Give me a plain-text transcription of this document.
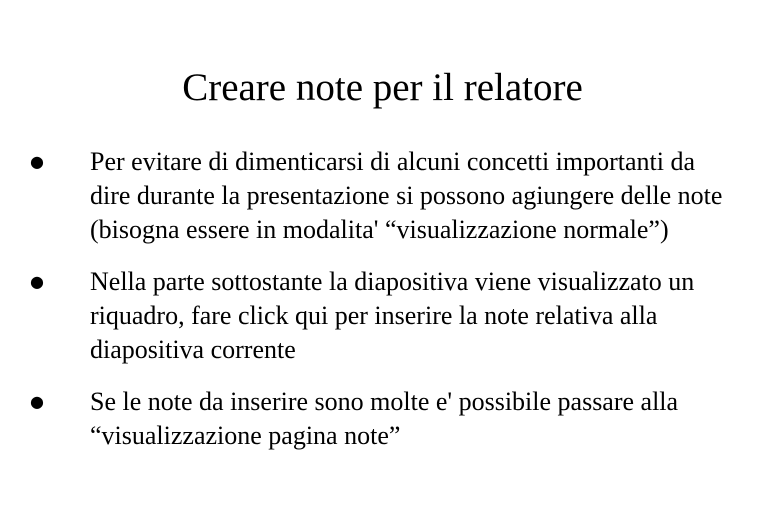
Creare note per il relatore
●	Per evitare di dimenticarsi di alcuni concetti importanti da dire durante la presentazione si possono agiungere delle note (bisogna essere in modalita' “visualizzazione normale”)
●	Nella parte sottostante la diapositiva viene visualizzato un riquadro, fare click qui per inserire la note relativa alla diapositiva corrente
●	Se le note da inserire sono molte e' possibile passare alla “visualizzazione pagina note”
